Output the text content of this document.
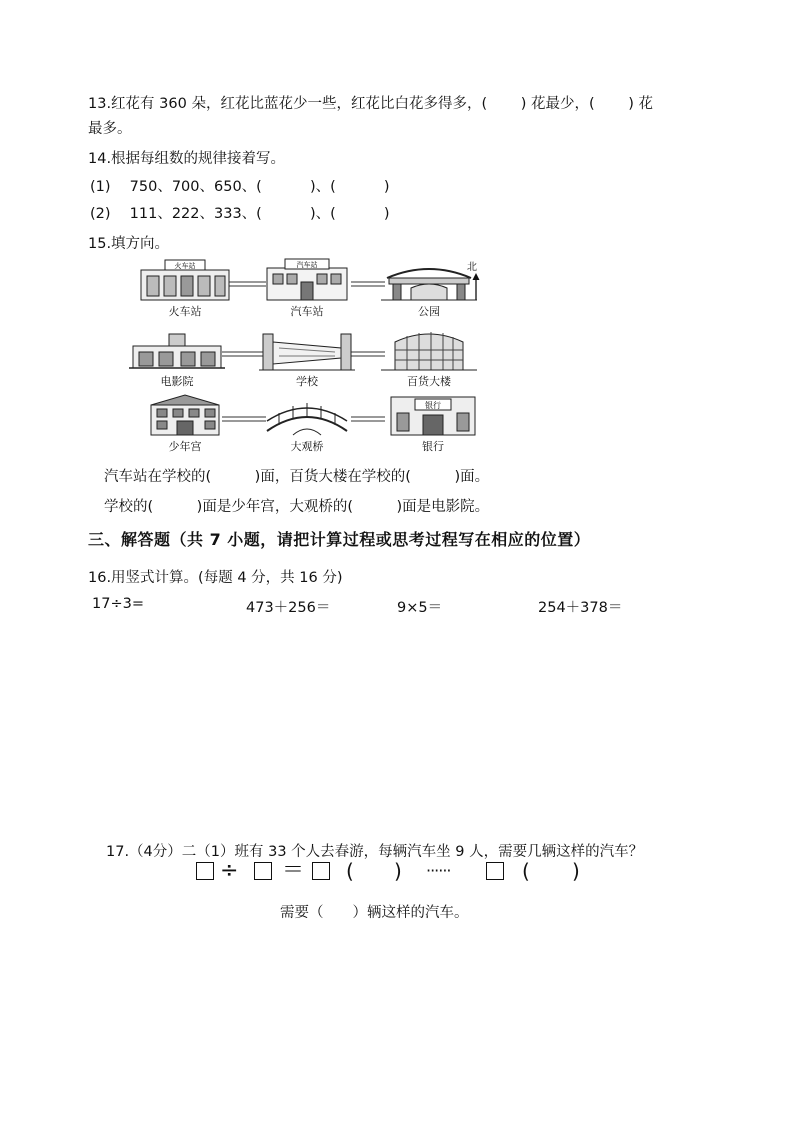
13.红花有 360 朵，红花比蓝花少一些，红花比白花多得多，(　　 ) 花最少，(　　 ) 花
最多。
14.根据每组数的规律接着写。
(1)　 750、700、650、(　　　 )、(　　　 )
(2)　 111、222、333、(　　　 )、(　　　 )
15.填方向。
北
火车站
火车站
汽车站
汽车站	公园
电影院	学校	百货大楼
少年宫	大观桥
银行
银行
汽车站在学校的(　　　)面，百货大楼在学校的(　　　)面。
学校的(　　　)面是少年宫，大观桥的(　　　)面是电影院。
三、解答题（共 7 小题，请把计算过程或思考过程写在相应的位置）
16.用竖式计算。(每题 4 分，共 16 分)
17÷3=	473＋256＝	9×5＝	254＋378＝
17.（4分）二（1）班有 33 个人去春游，每辆汽车坐 9 人，需要几辆这样的汽车？
÷ ＝ ( ) ······	( )
需要（　　）辆这样的汽车。
